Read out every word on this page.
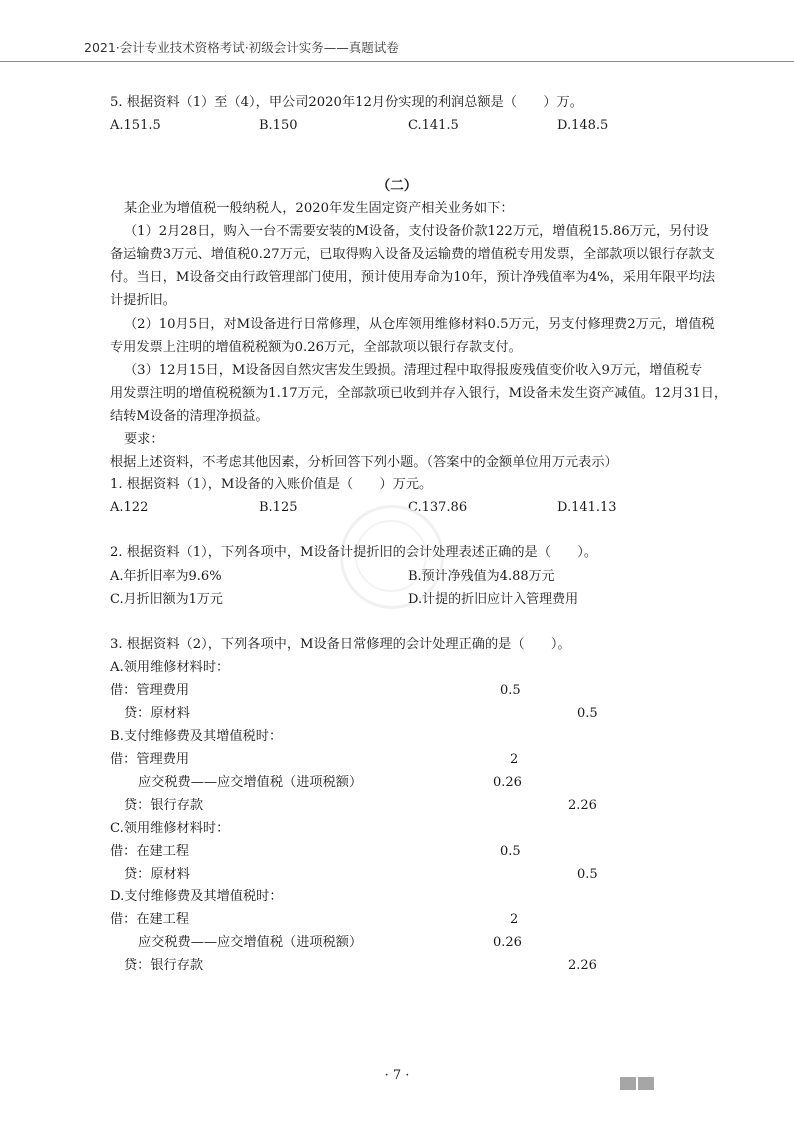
2021·会计专业技术资格考试·初级会计实务——真题试卷
5. 根据资料（1）至（4），甲公司2020年12月份实现的利润总额是（　　）万。
A.151.5	B.150	C.141.5	D.148.5
（二）
某企业为增值税一般纳税人，2020年发生固定资产相关业务如下：
（1）2月28日，购入一台不需要安装的M设备，支付设备价款122万元，增值税15.86万元，另付设
备运输费3万元、增值税0.27万元，已取得购入设备及运输费的增值税专用发票，全部款项以银行存款支
付。当日，M设备交由行政管理部门使用，预计使用寿命为10年，预计净残值率为4%，采用年限平均法
计提折旧。
（2）10月5日，对M设备进行日常修理，从仓库领用维修材料0.5万元，另支付修理费2万元，增值税
专用发票上注明的增值税税额为0.26万元，全部款项以银行存款支付。
（3）12月15日，M设备因自然灾害发生毁损。清理过程中取得报废残值变价收入9万元，增值税专
用发票注明的增值税税额为1.17万元，全部款项已收到并存入银行，M设备未发生资产减值。12月31日，
结转M设备的清理净损益。
要求：
根据上述资料，不考虑其他因素，分析回答下列小题。（答案中的金额单位用万元表示）
1. 根据资料（1），M设备的入账价值是（　　）万元。
A.122	B.125	C.137.86	D.141.13
2. 根据资料（1），下列各项中，M设备计提折旧的会计处理表述正确的是（　　）。
A.年折旧率为9.6%	B.预计净残值为4.88万元
C.月折旧额为1万元	D.计提的折旧应计入管理费用
3. 根据资料（2），下列各项中，M设备日常修理的会计处理正确的是（　　）。
A.领用维修材料时：
借：管理费用	0.5
贷：原材料	0.5
B.支付维修费及其增值税时：
借：管理费用	2
应交税费——应交增值税（进项税额）	0.26
贷：银行存款	2.26
C.领用维修材料时：
借：在建工程	0.5
贷：原材料	0.5
D.支付维修费及其增值税时：
借：在建工程	2
应交税费——应交增值税（进项税额）	0.26
贷：银行存款	2.26
· 7 ·
